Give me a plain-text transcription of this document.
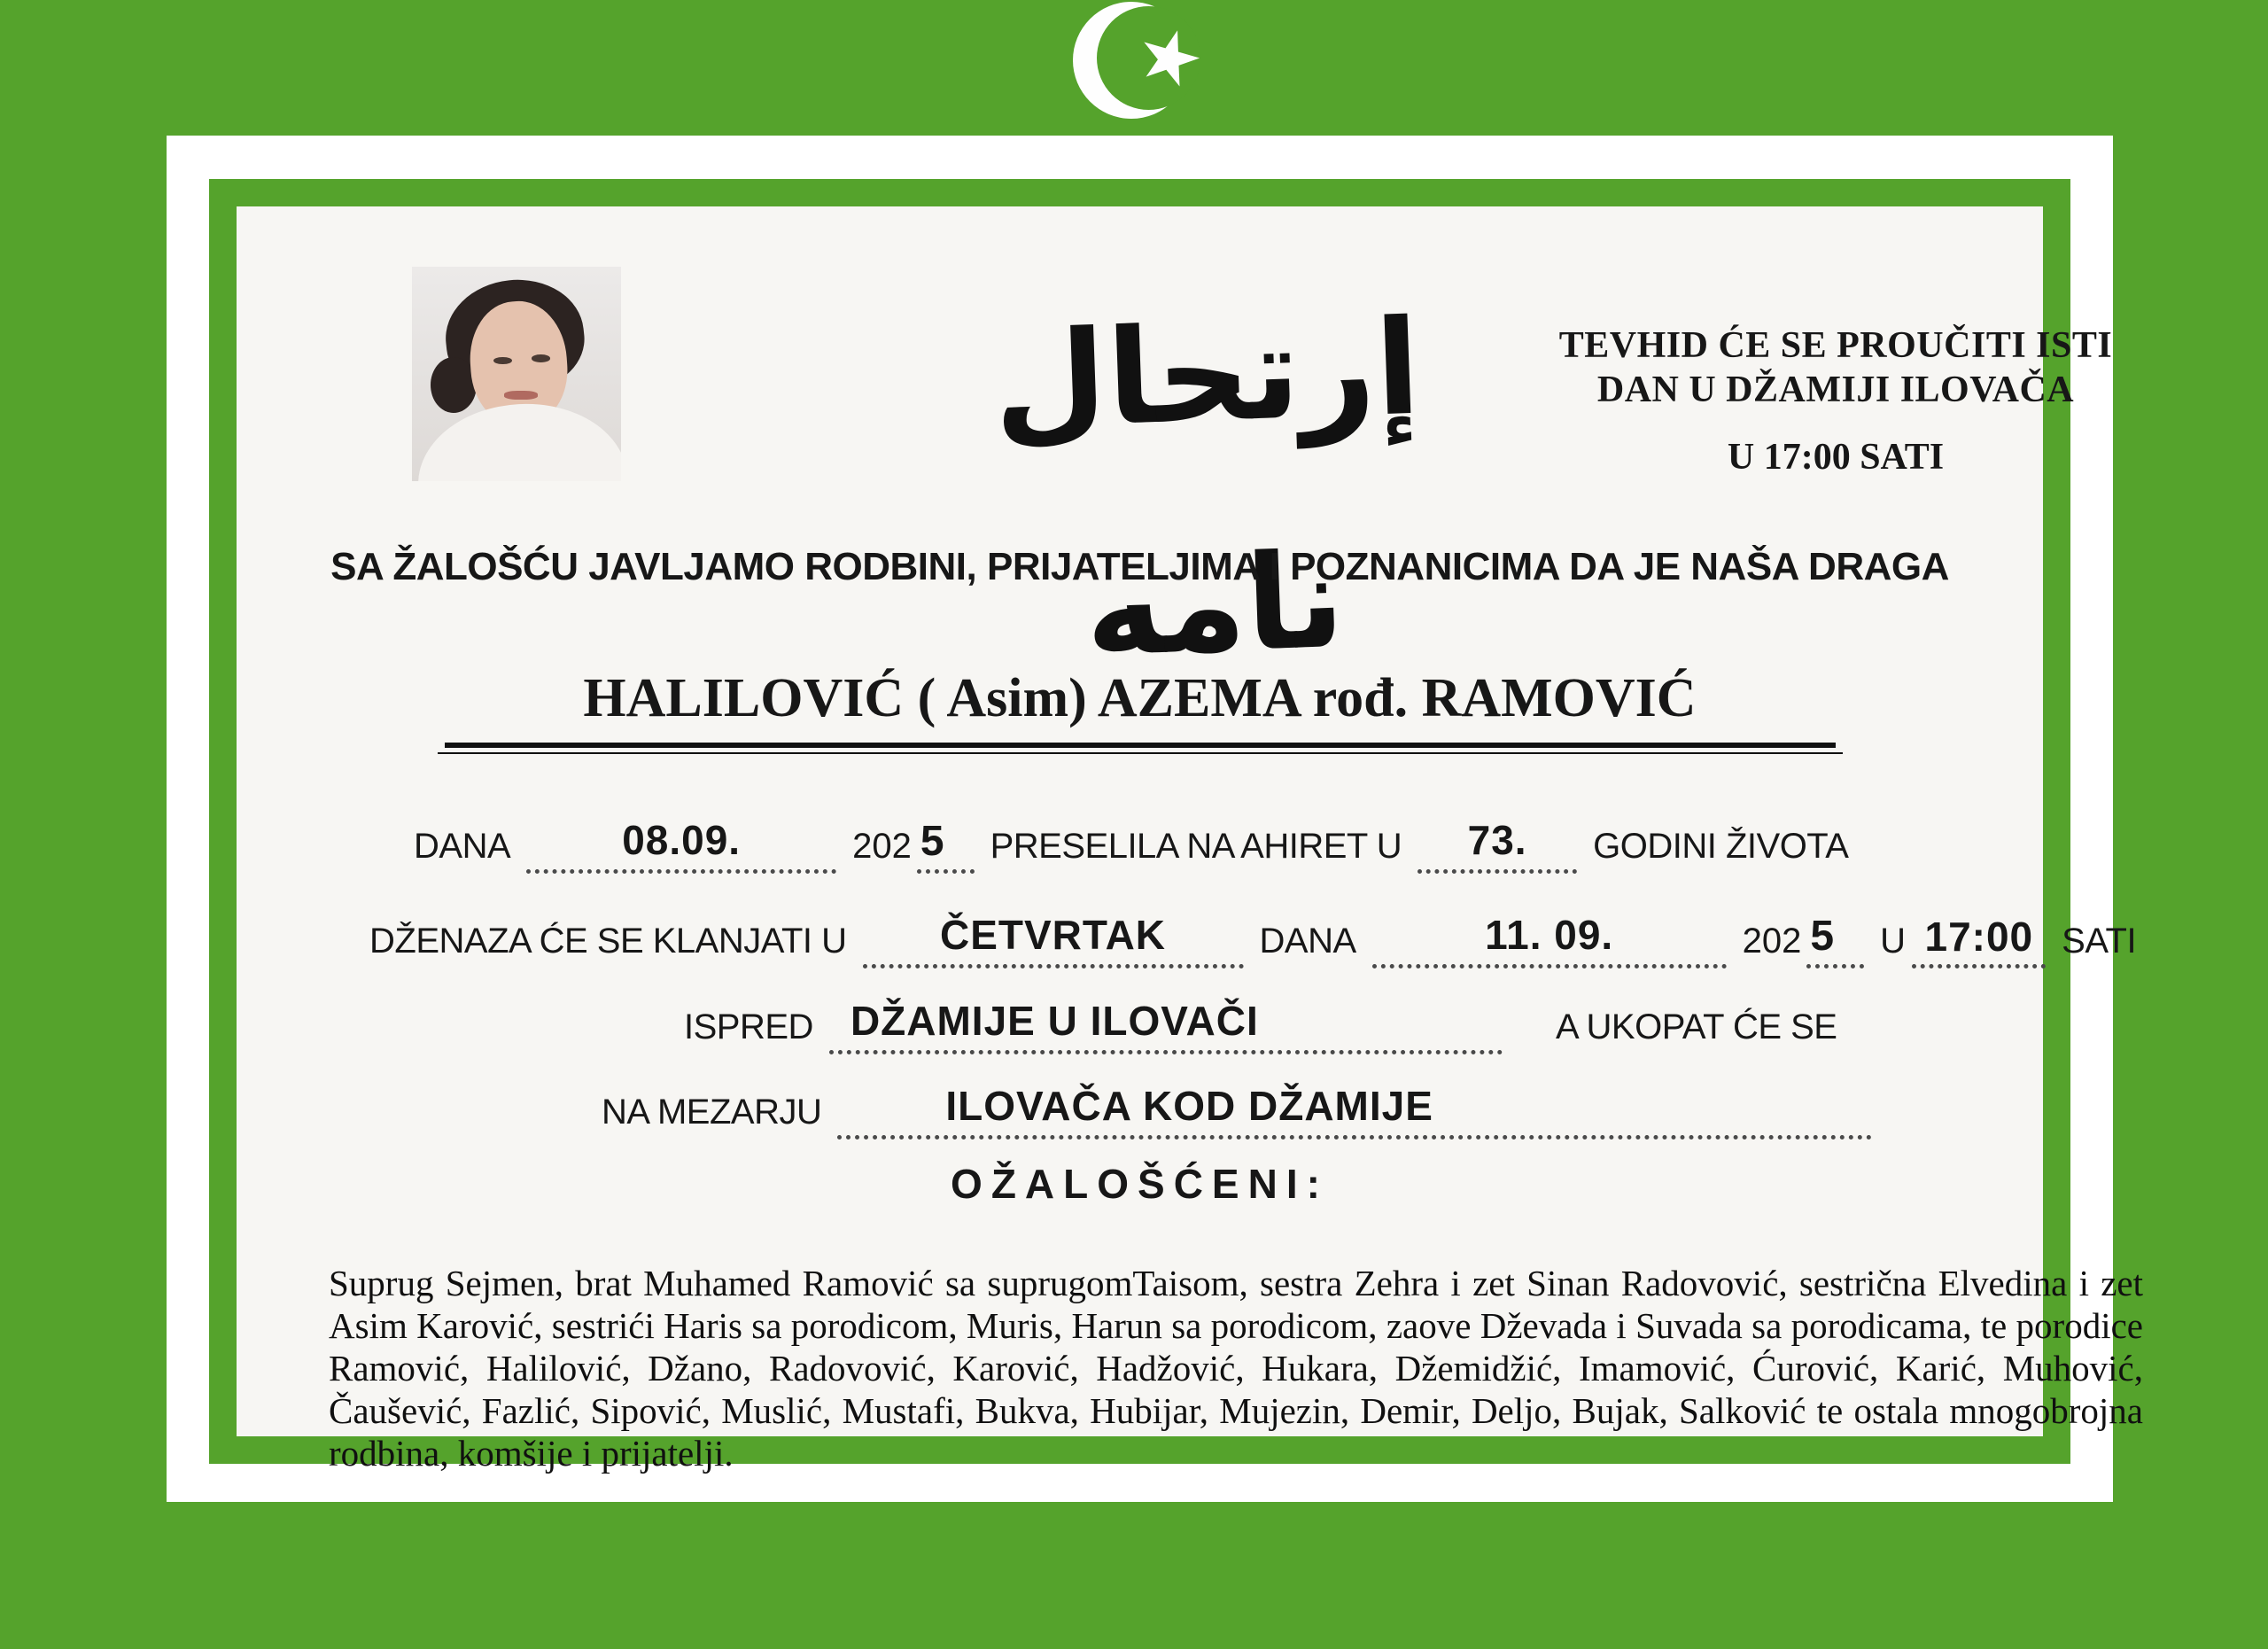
إرتحال نامه
TEVHID ĆE SE PROUČITI ISTI
DAN U DŽAMIJI ILOVAČA
U 17:00 SATI
SA ŽALOŠĆU JAVLJAMO RODBINI, PRIJATELJIMA I POZNANICIMA DA JE NAŠA DRAGA
HALILOVIĆ ( Asim) AZEMA rođ. RAMOVIĆ
DANA	08.09.	202 5	PRESELILA NA AHIRET U	73.	GODINI ŽIVOTA
DŽENAZA ĆE SE KLANJATI U	ČETVRTAK	DANA	11. 09.	202 5	U 17:00 SATI
ISPRED DŽAMIJE U ILOVAČI	A UKOPAT ĆE SE
NA MEZARJU	ILOVAČA KOD DŽAMIJE
OŽALOŠĆENI:
Suprug Sejmen, brat Muhamed Ramović sa suprugomTaisom, sestra Zehra i zet Sinan Radovović, sestrična Elvedina i zet Asim Karović, sestrići Haris sa porodicom, Muris, Harun sa porodicom, zaove Dževada i Suvada sa porodicama, te porodice Ramović, Halilović, Džano, Radovović, Karović, Hadžović, Hukara, Džemidžić, Imamović, Ćurović, Karić, Muhović, Čaušević, Fazlić, Sipović, Muslić, Mustafi, Bukva, Hubijar, Mujezin, Demir, Deljo, Bujak, Salković te ostala mnogobrojna rodbina, komšije i prijatelji.
